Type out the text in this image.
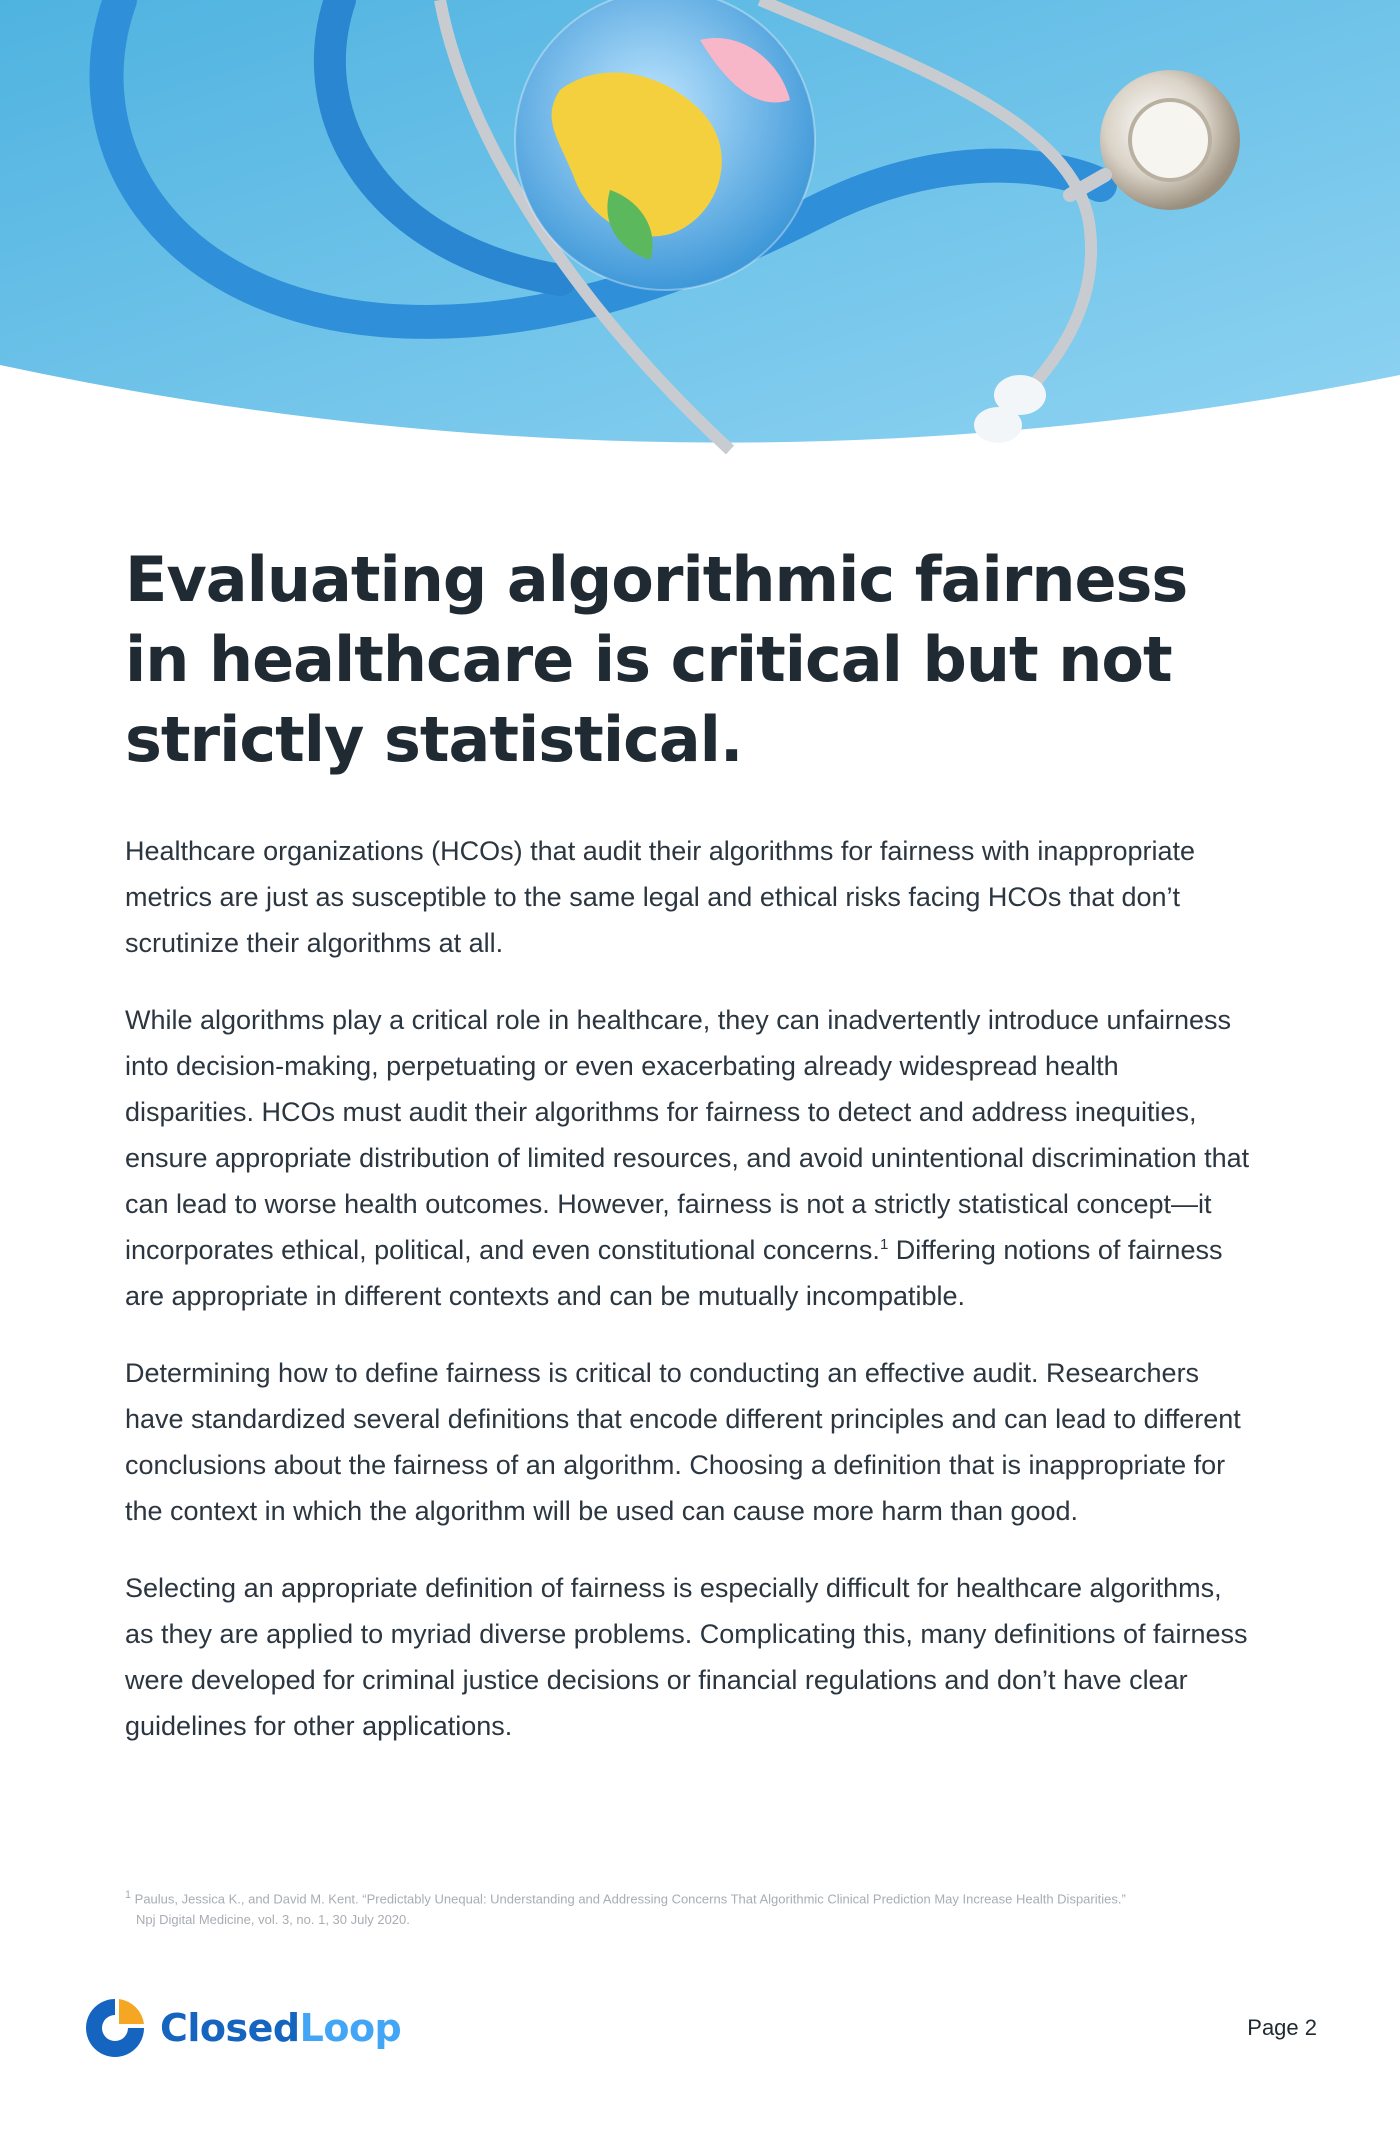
Evaluating algorithmic fairness
in healthcare is critical but not
strictly statistical.

Healthcare organizations (HCOs) that audit their algorithms for fairness with inappropriate metrics are just as susceptible to the same legal and ethical risks facing HCOs that don’t scrutinize their algorithms at all.

While algorithms play a critical role in healthcare, they can inadvertently introduce unfairness into decision-making, perpetuating or even exacerbating already widespread health disparities. HCOs must audit their algorithms for fairness to detect and address inequities, ensure appropriate distribution of limited resources, and avoid unintentional discrimination that can lead to worse health outcomes. However, fairness is not a strictly statistical concept—it incorporates ethical, political, and even constitutional concerns.$^1$ Differing notions of fairness are appropriate in different contexts and can be mutually incompatible.

Determining how to define fairness is critical to conducting an effective audit. Researchers have standardized several definitions that encode different principles and can lead to different conclusions about the fairness of an algorithm. Choosing a definition that is inappropriate for the context in which the algorithm will be used can cause more harm than good.

Selecting an appropriate definition of fairness is especially difficult for healthcare algorithms, as they are applied to myriad diverse problems. Complicating this, many definitions of fairness were developed for criminal justice decisions or financial regulations and don’t have clear guidelines for other applications.

$^1$ Paulus, Jessica K., and David M. Kent. “Predictably Unequal: Understanding and Addressing Concerns That Algorithmic Clinical Prediction May Increase Health Disparities.”
Npj Digital Medicine, vol. 3, no. 1, 30 July 2020.
ClosedLoop	Page 2
